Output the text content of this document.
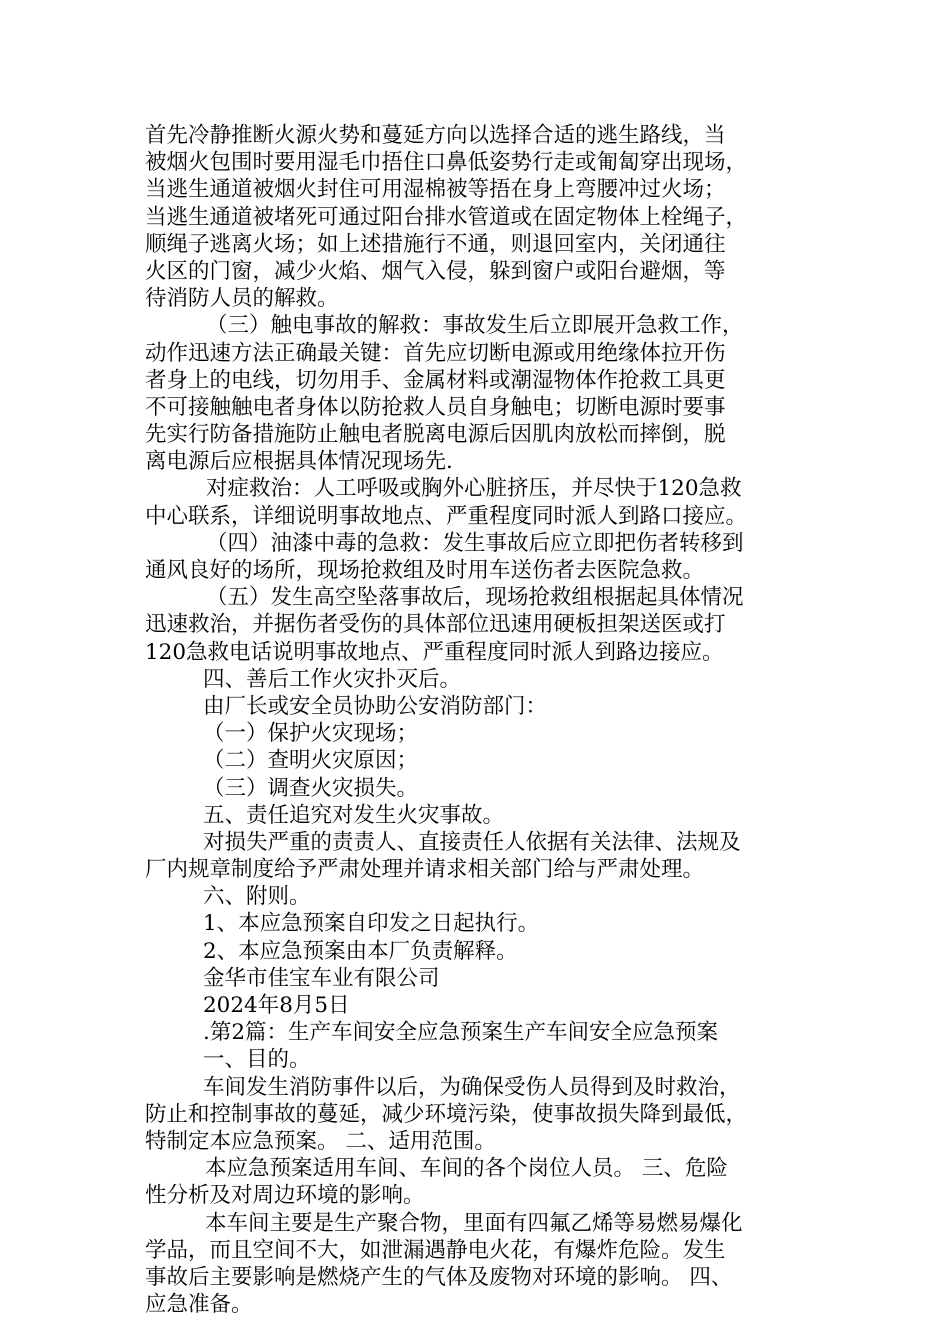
首先冷静推断火源火势和蔓延方向以选择合适的逃生路线，当
被烟火包围时要用湿毛巾捂住口鼻低姿势行走或匍匐穿出现场，
当逃生通道被烟火封住可用湿棉被等捂在身上弯腰冲过火场；
当逃生通道被堵死可通过阳台排水管道或在固定物体上栓绳子，
顺绳子逃离火场；如上述措施行不通，则退回室内，关闭通往
火区的门窗，减少火焰、烟气入侵，躲到窗户或阳台避烟，等
待消防人员的解救。
（三）触电事故的解救：事故发生后立即展开急救工作，
动作迅速方法正确最关键：首先应切断电源或用绝缘体拉开伤
者身上的电线，切勿用手、金属材料或潮湿物体作抢救工具更
不可接触触电者身体以防抢救人员自身触电；切断电源时要事
先实行防备措施防止触电者脱离电源后因肌肉放松而摔倒，脱
离电源后应根据具体情况现场先.
对症救治：人工呼吸或胸外心脏挤压，并尽快于120急救
中心联系，详细说明事故地点、严重程度同时派人到路口接应。
（四）油漆中毒的急救：发生事故后应立即把伤者转移到
通风良好的场所，现场抢救组及时用车送伤者去医院急救。
（五）发生高空坠落事故后，现场抢救组根据起具体情况
迅速救治，并据伤者受伤的具体部位迅速用硬板担架送医或打
120急救电话说明事故地点、严重程度同时派人到路边接应。
四、善后工作火灾扑灭后。
由厂长或安全员协助公安消防部门：
（一）保护火灾现场；
（二）查明火灾原因；
（三）调查火灾损失。
五、责任追究对发生火灾事故。
对损失严重的责责人、直接责任人依据有关法律、法规及
厂内规章制度给予严肃处理并请求相关部门给与严肃处理。
六、附则。
1、本应急预案自印发之日起执行。
2、本应急预案由本厂负责解释。
金华市佳宝车业有限公司
2024年8月5日
.第2篇：生产车间安全应急预案生产车间安全应急预案
一、目的。
车间发生消防事件以后，为确保受伤人员得到及时救治，
防止和控制事故的蔓延，减少环境污染，使事故损失降到最低，
特制定本应急预案。 二、适用范围。
本应急预案适用车间、车间的各个岗位人员。 三、危险
性分析及对周边环境的影响。
本车间主要是生产聚合物，里面有四氟乙烯等易燃易爆化
学品，而且空间不大，如泄漏遇静电火花，有爆炸危险。发生
事故后主要影响是燃烧产生的气体及废物对环境的影响。 四、
应急准备。
